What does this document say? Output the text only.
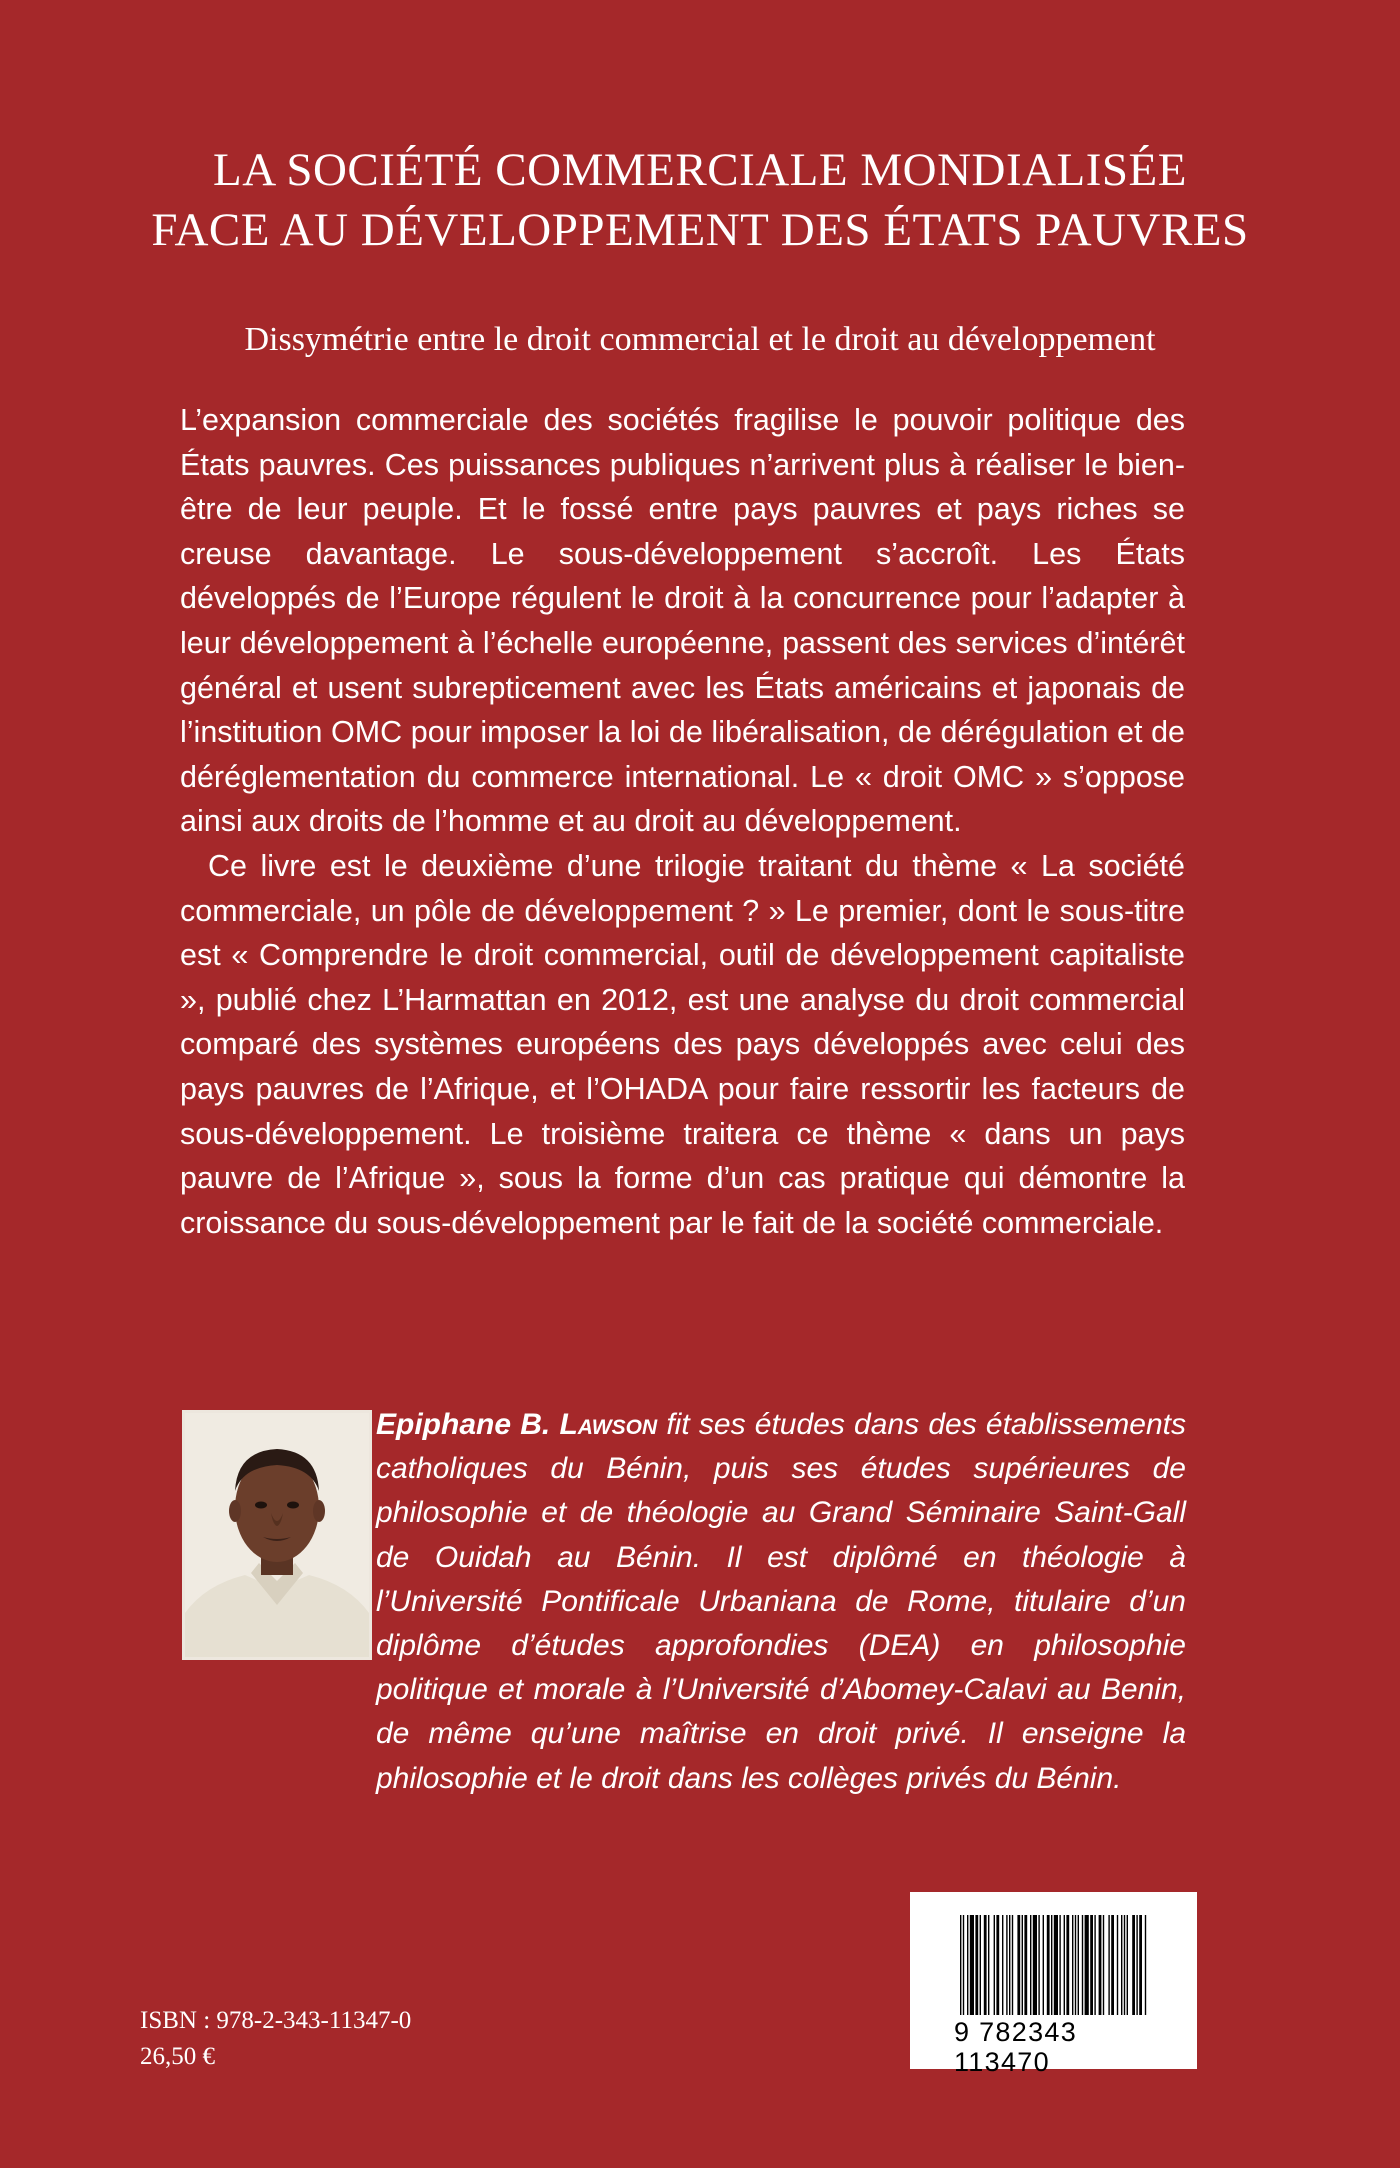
LA SOCIÉTÉ COMMERCIALE MONDIALISÉE
FACE AU DÉVELOPPEMENT DES ÉTATS PAUVRES

Dissymétrie entre le droit commercial et le droit au développement

L’expansion commerciale des sociétés fragilise le pouvoir politique des États pauvres. Ces puissances publiques n’arrivent plus à réaliser le bien-être de leur peuple. Et le fossé entre pays pauvres et pays riches se creuse davantage. Le sous-développement s’accroît. Les États développés de l’Europe régulent le droit à la concurrence pour l’adapter à leur développement à l’échelle européenne, passent des services d’intérêt général et usent subrepticement avec les États américains et japonais de l’institution OMC pour imposer la loi de libéralisation, de dérégulation et de déréglementation du commerce international. Le « droit OMC » s’oppose ainsi aux droits de l’homme et au droit au développement.

Ce livre est le deuxième d’une trilogie traitant du thème « La société commerciale, un pôle de développement ? » Le premier, dont le sous-titre est « Comprendre le droit commercial, outil de développement capitaliste », publié chez L’Harmattan en 2012, est une analyse du droit commercial comparé des systèmes européens des pays développés avec celui des pays pauvres de l’Afrique, et l’OHADA pour faire ressortir les facteurs de sous-développement. Le troisième traitera ce thème « dans un pays pauvre de l’Afrique », sous la forme d’un cas pratique qui démontre la croissance du sous-développement par le fait de la société commerciale.

Epiphane B. Lawson fit ses études dans des établissements catholiques du Bénin, puis ses études supérieures de philosophie et de théologie au Grand Séminaire Saint-Gall de Ouidah au Bénin. Il est diplômé en théologie à l’Université Pontificale Urbaniana de Rome, titulaire d’un diplôme d’études approfondies (DEA) en philosophie politique et morale à l’Université d’Abomey-Calavi au Benin, de même qu’une maîtrise en droit privé. Il enseigne la philosophie et le droit dans les collèges privés du Bénin.

ISBN : 978-2-343-11347-0
26,50 €
9 782343 113470
